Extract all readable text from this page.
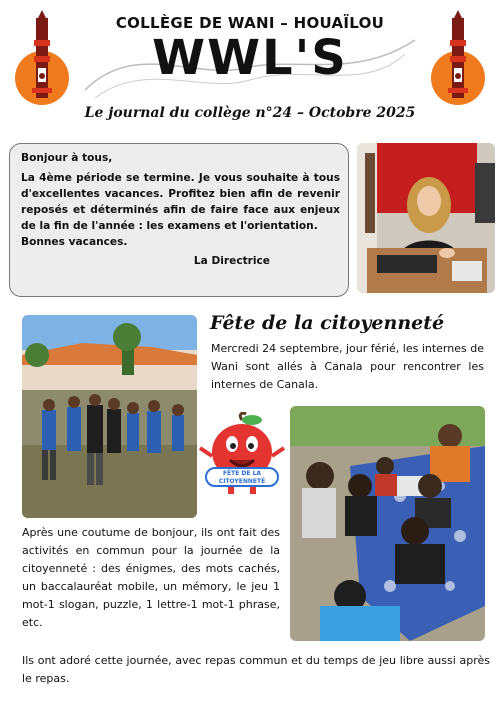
COLLÈGE DE WANI – HOUAÏLOU
WWL'S
Le journal du collège n°24 – Octobre 2025
Bonjour à tous,
La 4ème période se termine. Je vous souhaite à tous d'excellentes vacances. Profitez bien afin de revenir reposés et déterminés afin de faire face aux enjeux de la fin de l'année : les examens et l'orientation.
Bonnes vacances.
La Directrice
Fête de la citoyenneté
Mercredi 24 septembre, jour férié, les internes de Wani sont allés à Canala pour rencontrer les internes de Canala.
FÊTE DE LA CITOYENNETÉ
Après une coutume de bonjour, ils ont fait des activités en commun pour la journée de la citoyenneté : des énigmes, des mots cachés, un baccalauréat mobile, un mémory, le jeu 1 mot-1 slogan, puzzle, 1 lettre-1 mot-1 phrase, etc.
Ils ont adoré cette journée, avec repas commun et du temps de jeu libre aussi après le repas.
